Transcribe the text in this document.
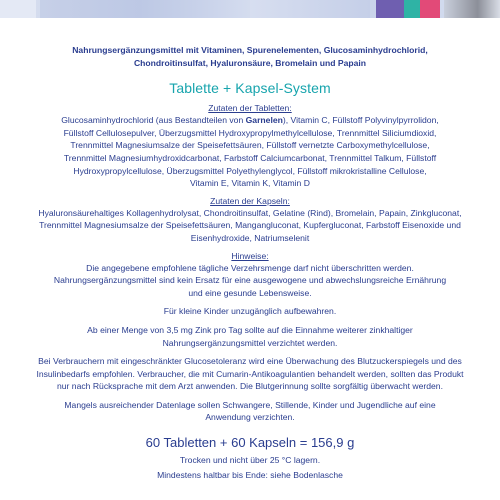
Nahrungsergänzungsmittel mit Vitaminen, Spurenelementen, Glucosaminhydrochlorid,
Chondroitinsulfat, Hyaluronsäure, Bromelain und Papain
Tablette + Kapsel-System
Zutaten der Tabletten:
Glucosaminhydrochlorid (aus Bestandteilen von Garnelen), Vitamin C, Füllstoff Polyvinylpyrrolidon,
Füllstoff Cellulosepulver, Überzugsmittel Hydroxypropylmethylcellulose, Trennmittel Siliciumdioxid,
Trennmittel Magnesiumsalze der Speisefettsäuren, Füllstoff vernetzte Carboxymethylcellulose,
Trennmittel Magnesiumhydroxidcarbonat, Farbstoff Calciumcarbonat, Trennmittel Talkum, Füllstoff
Hydroxypropylcellulose, Überzugsmittel Polyethylenglycol, Füllstoff mikrokristalline Cellulose,
Vitamin E, Vitamin K, Vitamin D
Zutaten der Kapseln:
Hyaluronsäurehaltiges Kollagenhydrolysat, Chondroitinsulfat, Gelatine (Rind), Bromelain, Papain, Zinkgluconat,
Trennmittel Magnesiumsalze der Speisefettsäuren, Mangangluconat, Kupfergluconat, Farbstoff Eisenoxide und
Eisenhydroxide, Natriumselenit
Hinweise:
Die angegebene empfohlene tägliche Verzehrsmenge darf nicht überschritten werden.
Nahrungsergänzungsmittel sind kein Ersatz für eine ausgewogene und abwechslungsreiche Ernährung
und eine gesunde Lebensweise.
Für kleine Kinder unzugänglich aufbewahren.
Ab einer Menge von 3,5 mg Zink pro Tag sollte auf die Einnahme weiterer zinkhaltiger
Nahrungsergänzungsmittel verzichtet werden.
Bei Verbrauchern mit eingeschränkter Glucosetoleranz wird eine Überwachung des Blutzuckerspiegels und des
Insulinbedarfs empfohlen. Verbraucher, die mit Cumarin-Antikoagulantien behandelt werden, sollten das Produkt
nur nach Rücksprache mit dem Arzt anwenden. Die Blutgerinnung sollte sorgfältig überwacht werden.
Mangels ausreichender Datenlage sollen Schwangere, Stillende, Kinder und Jugendliche auf eine
Anwendung verzichten.
60 Tabletten + 60 Kapseln = 156,9 g
Trocken und nicht über 25 °C lagern.
Mindestens haltbar bis Ende: siehe Bodenlasche
